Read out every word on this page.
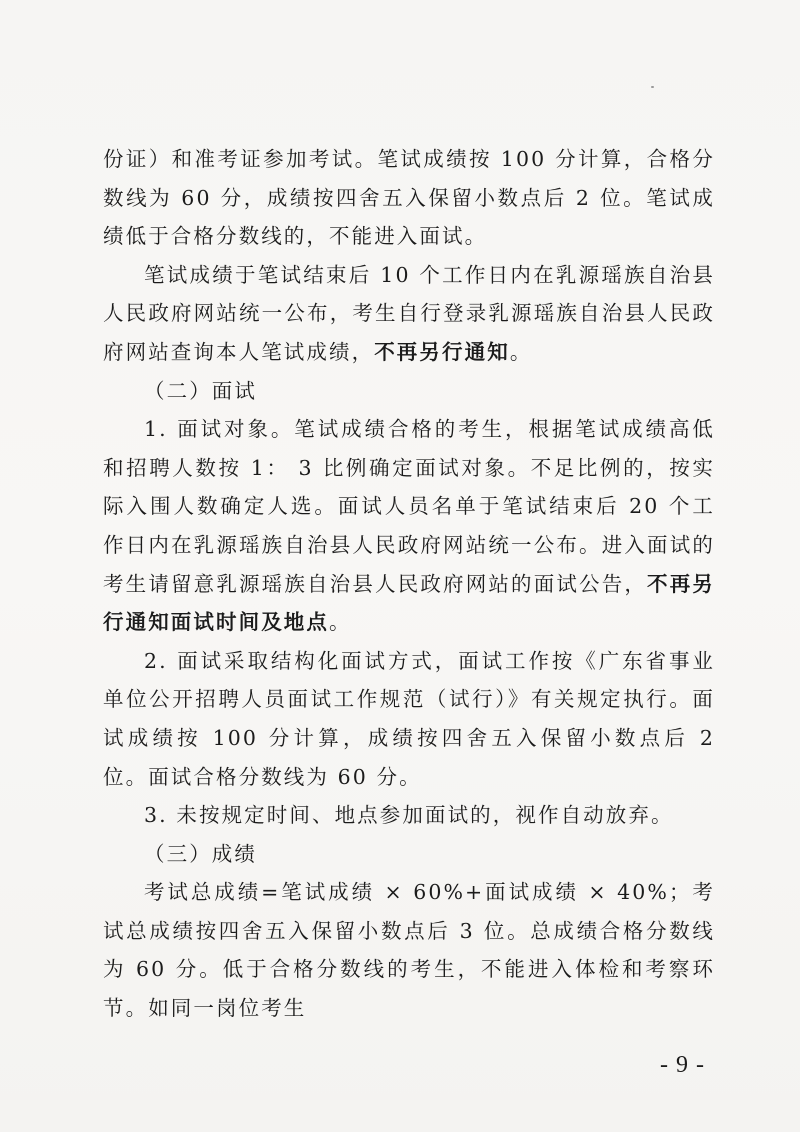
份证）和准考证参加考试。笔试成绩按 100 分计算，合格分数线为 60 分，成绩按四舍五入保留小数点后 2 位。笔试成绩低于合格分数线的，不能进入面试。

笔试成绩于笔试结束后 10 个工作日内在乳源瑶族自治县人民政府网站统一公布，考生自行登录乳源瑶族自治县人民政府网站查询本人笔试成绩，不再另行通知。

（二）面试

1. 面试对象。笔试成绩合格的考生，根据笔试成绩高低和招聘人数按 1： 3 比例确定面试对象。不足比例的，按实际入围人数确定人选。面试人员名单于笔试结束后 20 个工作日内在乳源瑶族自治县人民政府网站统一公布。进入面试的考生请留意乳源瑶族自治县人民政府网站的面试公告，不再另行通知面试时间及地点。

2. 面试采取结构化面试方式，面试工作按《广东省事业单位公开招聘人员面试工作规范（试行）》有关规定执行。面试成绩按 100 分计算，成绩按四舍五入保留小数点后 2 位。面试合格分数线为 60 分。

3. 未按规定时间、地点参加面试的，视作自动放弃。

（三）成绩

考试总成绩=笔试成绩 × 60%+面试成绩 × 40%；考试总成绩按四舍五入保留小数点后 3 位。总成绩合格分数线为 60 分。低于合格分数线的考生，不能进入体检和考察环节。如同一岗位考生

- 9 -
